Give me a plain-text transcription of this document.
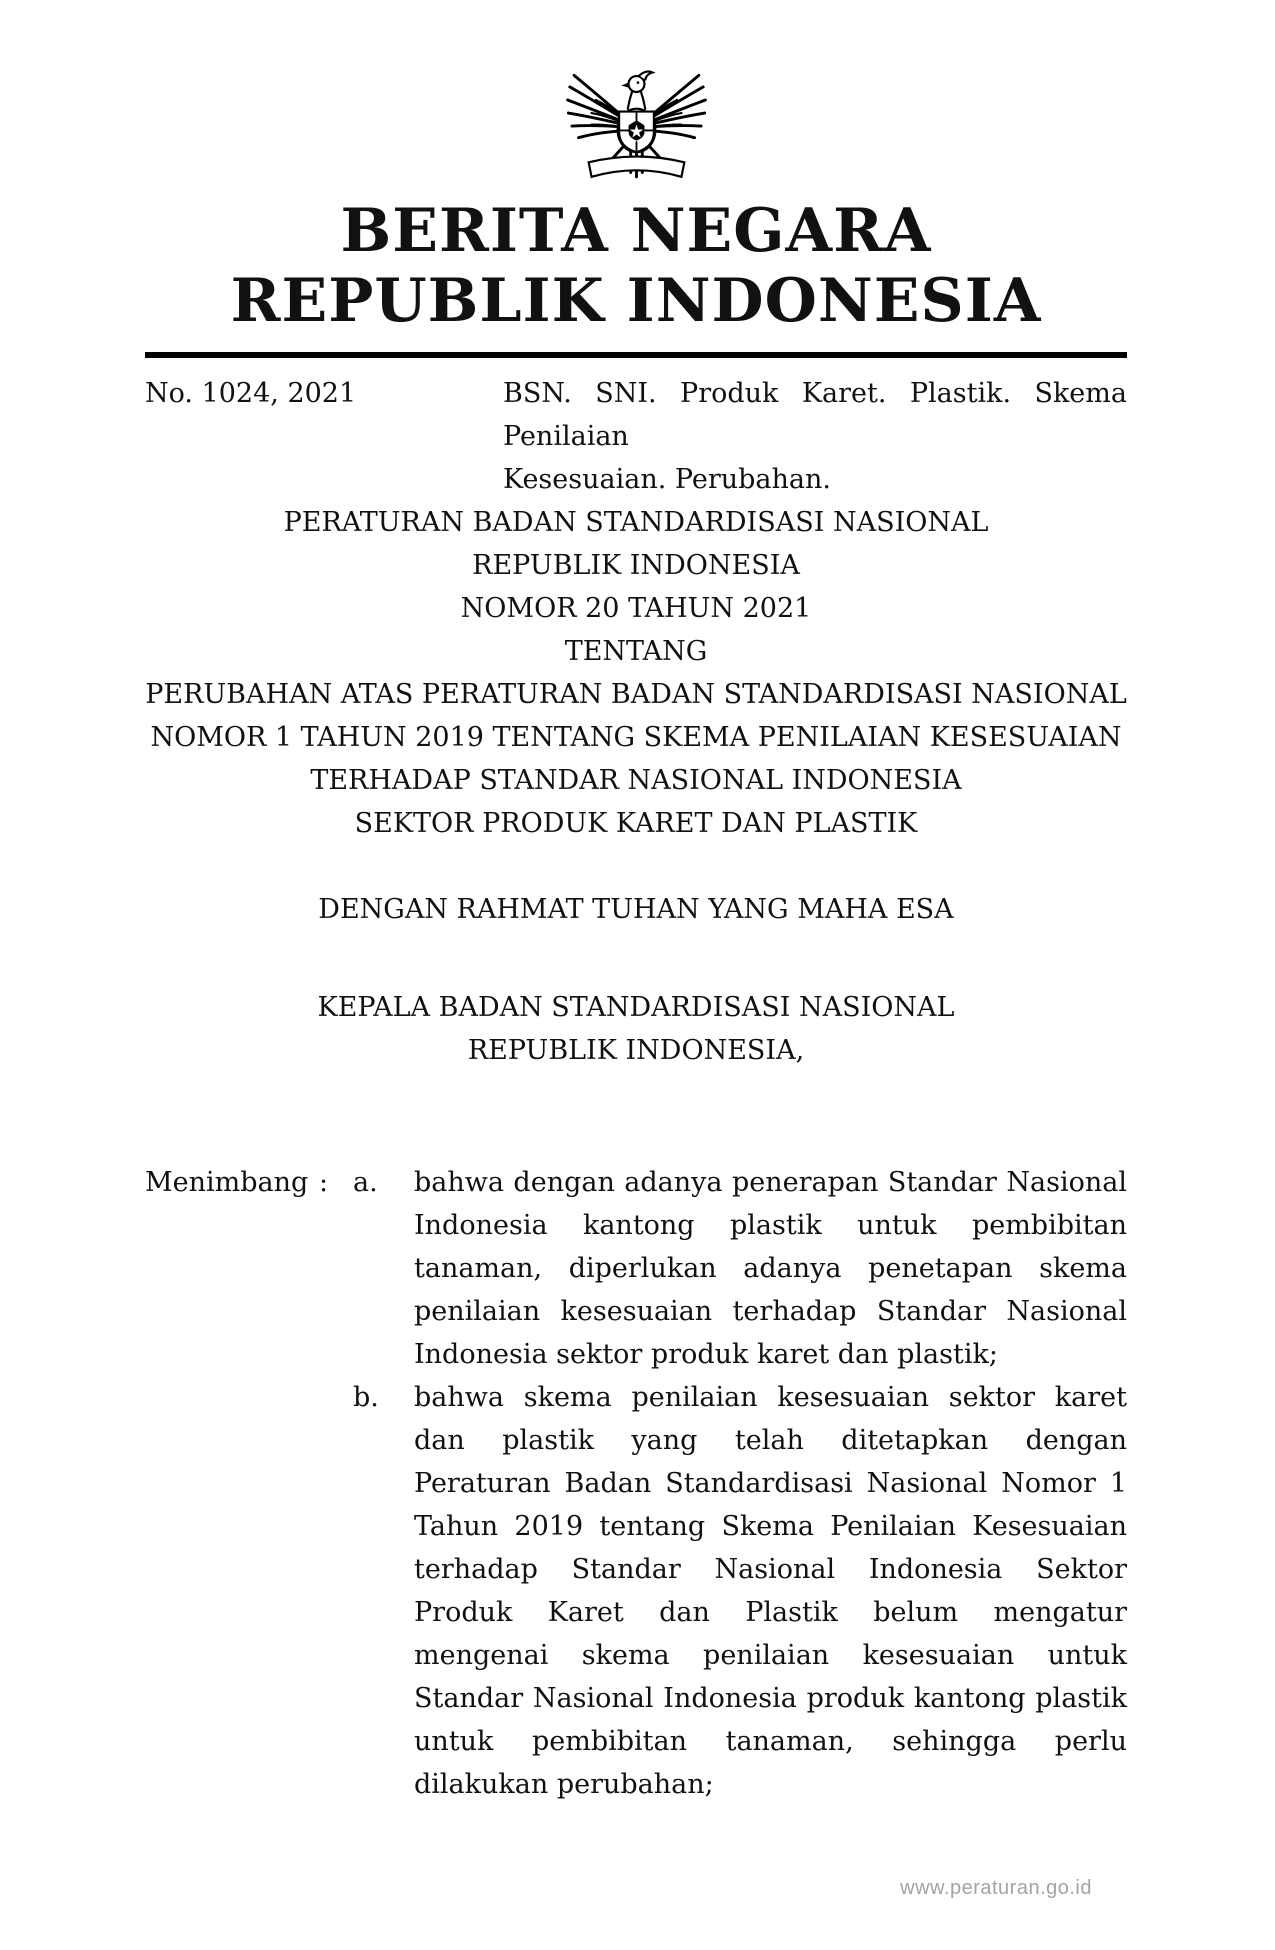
BERITA NEGARA
REPUBLIK INDONESIA
No. 1024, 2021	BSN. SNI. Produk Karet. Plastik. Skema Penilaian
Kesesuaian. Perubahan.
PERATURAN BADAN STANDARDISASI NASIONAL
REPUBLIK INDONESIA
NOMOR 20 TAHUN 2021
TENTANG
PERUBAHAN ATAS PERATURAN BADAN STANDARDISASI NASIONAL
NOMOR 1 TAHUN 2019 TENTANG SKEMA PENILAIAN KESESUAIAN
TERHADAP STANDAR NASIONAL INDONESIA
SEKTOR PRODUK KARET DAN PLASTIK
DENGAN RAHMAT TUHAN YANG MAHA ESA
KEPALA BADAN STANDARDISASI NASIONAL
REPUBLIK INDONESIA,
Menimbang : a.	bahwa dengan adanya penerapan Standar Nasional Indonesia kantong plastik untuk pembibitan tanaman, diperlukan adanya penetapan skema penilaian kesesuaian terhadap Standar Nasional Indonesia sektor produk karet dan plastik;
b.	bahwa skema penilaian kesesuaian sektor karet dan plastik yang telah ditetapkan dengan Peraturan Badan Standardisasi Nasional Nomor 1 Tahun 2019 tentang Skema Penilaian Kesesuaian terhadap Standar Nasional Indonesia Sektor Produk Karet dan Plastik belum mengatur mengenai skema penilaian kesesuaian untuk Standar Nasional Indonesia produk kantong plastik untuk pembibitan tanaman, sehingga perlu dilakukan perubahan;
www.peraturan.go.id
